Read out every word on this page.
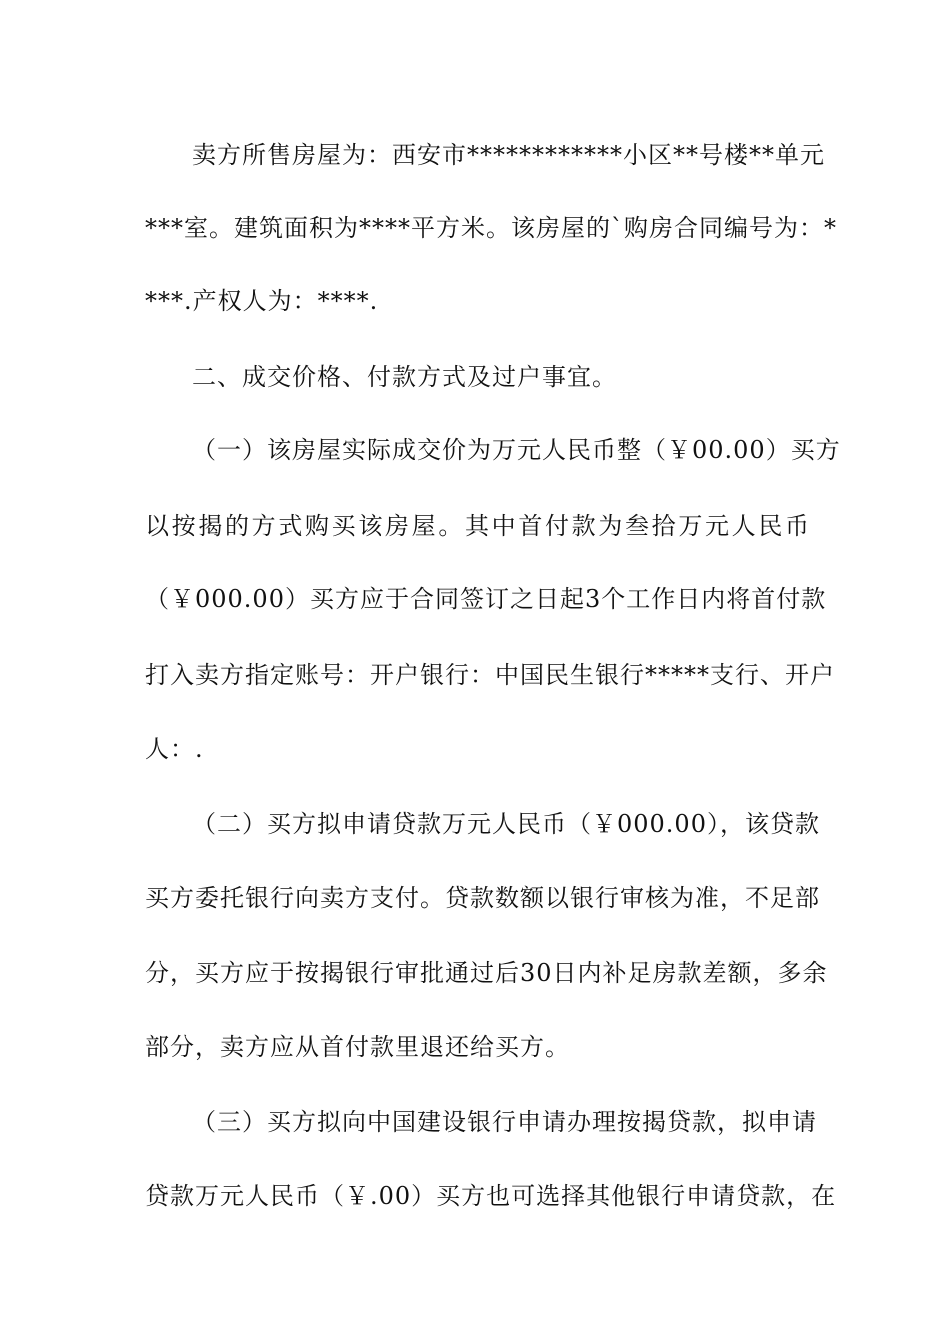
卖方所售房屋为：西安市************小区**号楼**单元
***室。建筑面积为****平方米。该房屋的`购房合同编号为：*
***.产权人为：****.
二、成交价格、付款方式及过户事宜。
（一）该房屋实际成交价为万元人民币整（￥00.00）买方
以按揭的方式购买该房屋。其中首付款为叁拾万元人民币
（￥000.00）买方应于合同签订之日起3个工作日内将首付款
打入卖方指定账号：开户银行：中国民生银行*****支行、开户
人：.
（二）买方拟申请贷款万元人民币（￥000.00），该贷款
买方委托银行向卖方支付。贷款数额以银行审核为准，不足部
分，买方应于按揭银行审批通过后30日内补足房款差额，多余
部分，卖方应从首付款里退还给买方。
（三）买方拟向中国建设银行申请办理按揭贷款，拟申请
贷款万元人民币（￥.00）买方也可选择其他银行申请贷款，在
